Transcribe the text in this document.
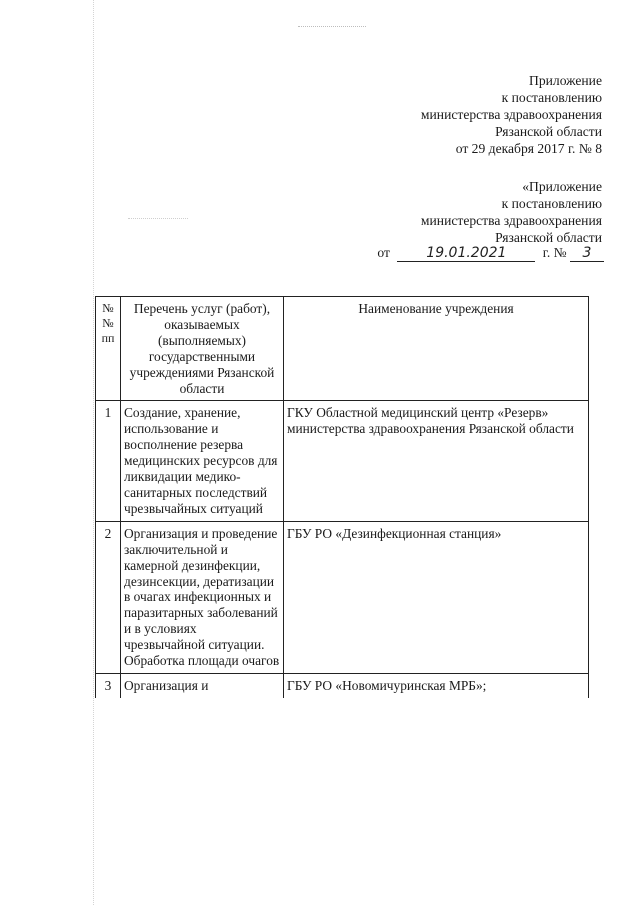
Приложение
к постановлению
министерства здравоохранения
Рязанской области
от 29 декабря 2017 г. № 8
«Приложение
к постановлению
министерства здравоохранения
Рязанской области
от	19.01.2021	г. № 3
№ № пп	Перечень услуг (работ), оказываемых (выполняемых) государственными учреждениями Рязанской области	Наименование учреждения
1	Создание, хранение, использование и восполнение резерва медицинских ресурсов для ликвидации медико-санитарных последствий чрезвычайных ситуаций	ГКУ Областной медицинский центр «Резерв» министерства здравоохранения Рязанской области
2	Организация и проведение заключительной и камерной дезинфекции, дезинсекции, дератизации в очагах инфекционных и паразитарных заболеваний и в условиях чрезвычайной ситуации. Обработка площади очагов	ГБУ РО «Дезинфекционная станция»
3	Организация и	ГБУ РО «Новомичуринская МРБ»;
